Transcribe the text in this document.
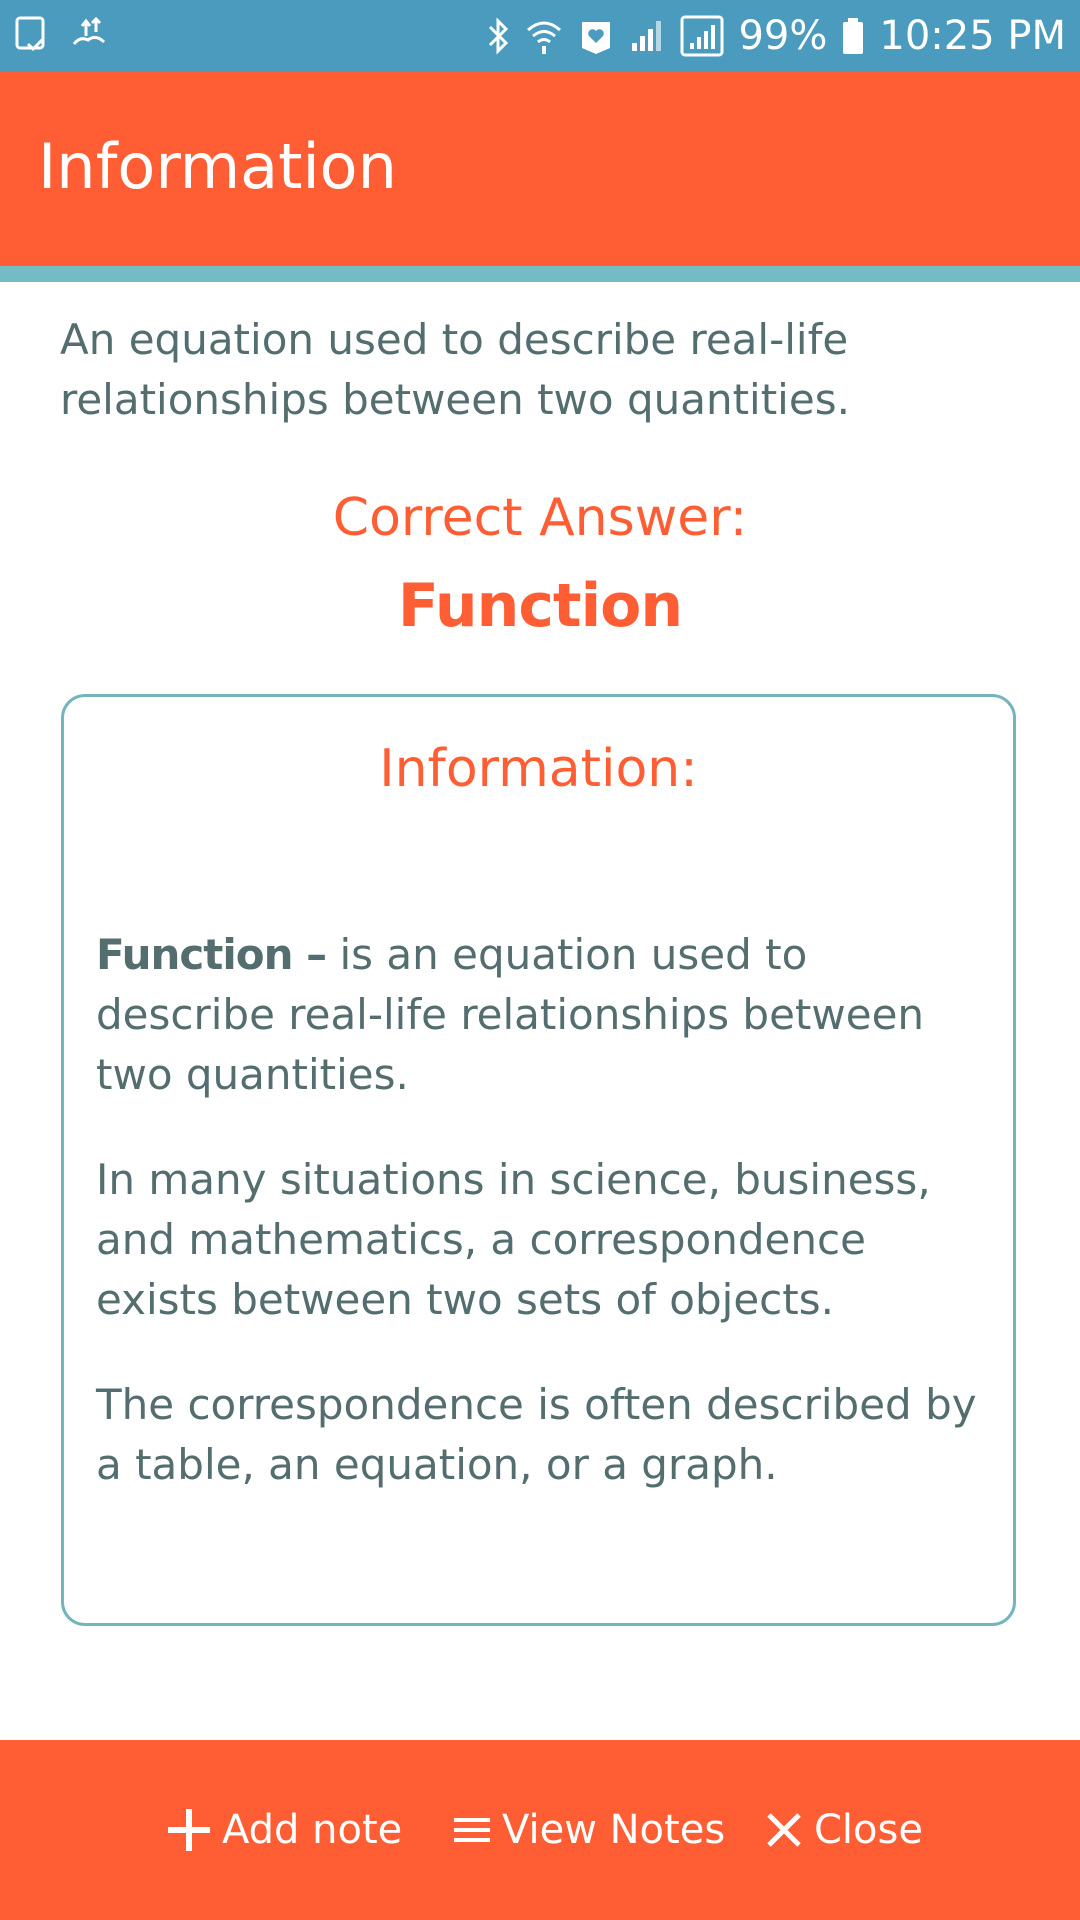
99% 10:25 PM
Information
An equation used to describe real-life
relationships between two quantities.
Correct Answer:
Function
Information:

Function – is an equation used to describe real-life relationships between two quantities.

In many situations in science, business, and mathematics, a correspondence exists between two sets of objects.

The correspondence is often described by a table, an equation, or a graph.

Add note View Notes Close
